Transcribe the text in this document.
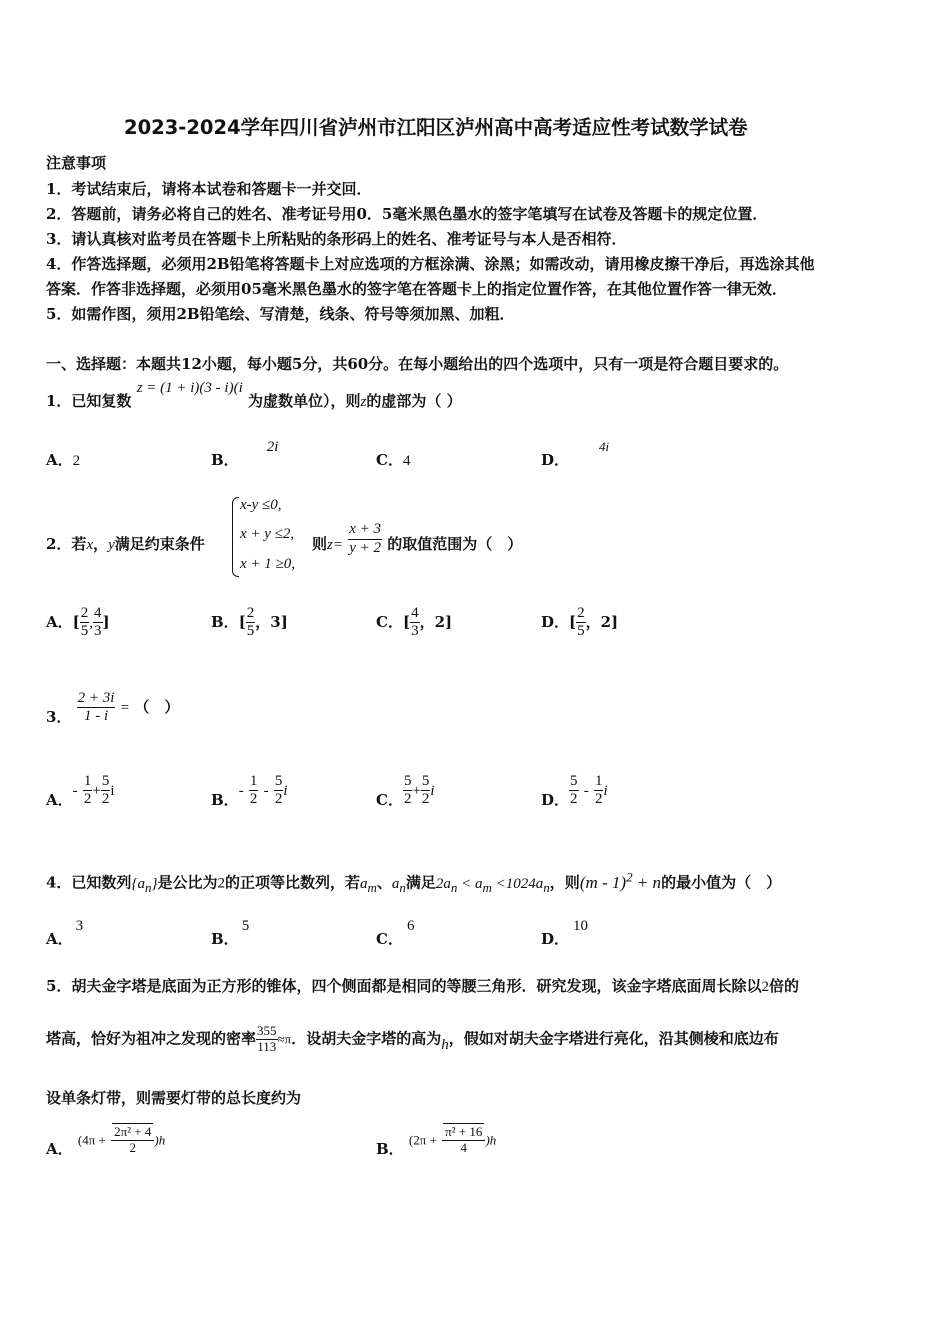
2023-2024学年四川省泸州市江阳区泸州高中高考适应性考试数学试卷
注意事项
1．考试结束后，请将本试卷和答题卡一并交回．
2．答题前，请务必将自己的姓名、准考证号用0．5毫米黑色墨水的签字笔填写在试卷及答题卡的规定位置．
3．请认真核对监考员在答题卡上所粘贴的条形码上的姓名、准考证号与本人是否相符．
4．作答选择题，必须用2B铅笔将答题卡上对应选项的方框涂满、涂黑；如需改动，请用橡皮擦干净后，再选涂其他
答案．作答非选择题，必须用05毫米黑色墨水的签字笔在答题卡上的指定位置作答，在其他位置作答一律无效．
5．如需作图，须用2B铅笔绘、写清楚，线条、符号等须加黑、加粗．
一、选择题：本题共12小题，每小题5分，共60分。在每小题给出的四个选项中，只有一项是符合题目要求的。
1．已知复数 z = (1 + i)(3 - i)(i 为虚数单位），则z的虚部为（ ）
A．2	B．2i
C．4	D．4i
2．若x，y满足约束条件
x-y ≤0,
x + y ≤2,
x + 1 ≥0,
则$z= \frac{x + 3}{y + 2}$ 的取值范围为（　）
A．[ $\frac{2}{5}$ , $\frac{4}{3}$ ]	B．[ $\frac{2}{5}$ ，3]	C．[ $\frac{4}{3}$ ，2]	D．[ $\frac{2}{5}$ ，2]
3． $\frac{2 + 3i}{1 - i}$ = （　）
A．- $\frac{1}{2} + \frac{5}{2}$ i	B．- $\frac{1}{2} - \frac{5}{2}$ i	C． $\frac{5}{2} + \frac{5}{2}$ i	D． $\frac{5}{2} - \frac{1}{2}$ i
4．已知数列$\{a_n\}$是公比为2的正项等比数列，若$a_m$、$a_n$满足$2a_n < a_m <1024a_n$，则(m - 1)$^2$ + n的最小值为（　）
A．3
B．5
C．6
D．10
5．胡夫金字塔是底面为正方形的锥体，四个侧面都是相同的等腰三角形．研究发现，该金字塔底面周长除以2倍的
塔高，恰好为祖冲之发现的密率 $\frac{355}{113} \approx\pi$．设胡夫金字塔的高为h，假如对胡夫金字塔进行亮化，沿其侧棱和底边布
设单条灯带，则需要灯带的总长度约为
A． $(4\pi + \frac{\text{2π² + 4}}{2} )h$
B． $(2\pi + \frac{\text{π² + 16}}{4} )h$
